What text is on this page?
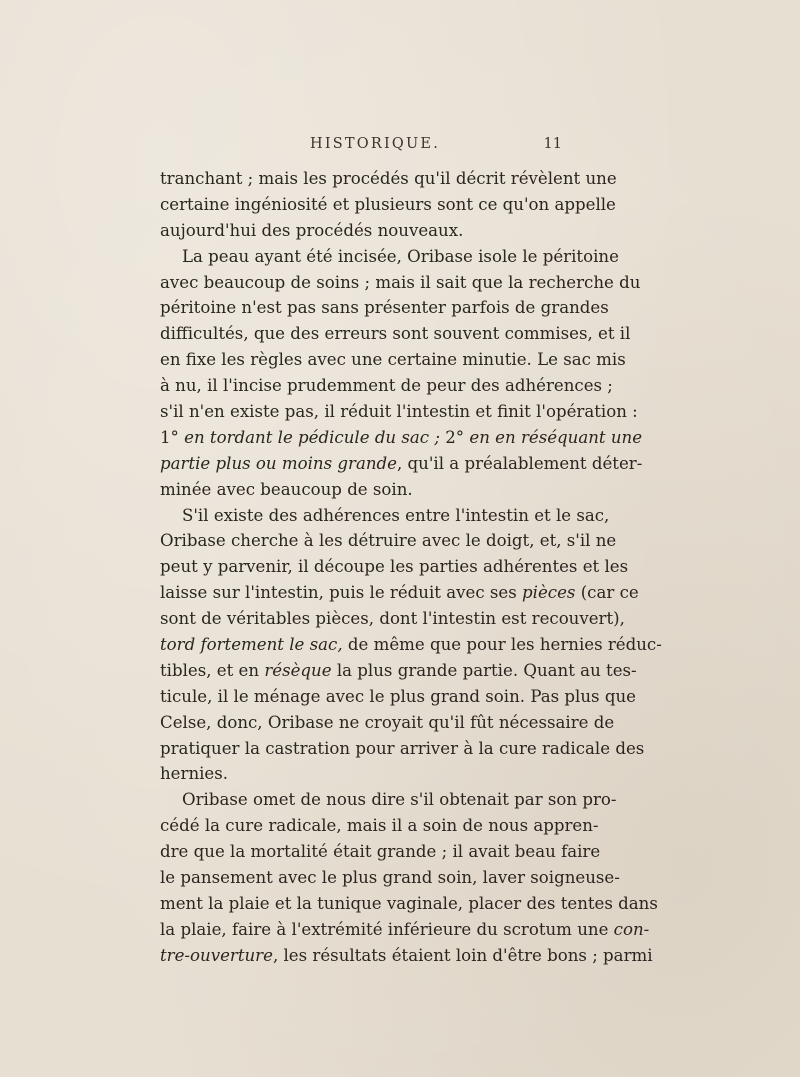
HISTORIQUE.	11
tranchant ; mais les procédés qu'il décrit révèlent une
certaine ingéniosité et plusieurs sont ce qu'on appelle
aujourd'hui des procédés nouveaux.
La peau ayant été incisée, Oribase isole le péritoine
avec beaucoup de soins ; mais il sait que la recherche du
péritoine n'est pas sans présenter parfois de grandes
difficultés, que des erreurs sont souvent commises, et il
en fixe les règles avec une certaine minutie. Le sac mis
à nu, il l'incise prudemment de peur des adhérences ;
s'il n'en existe pas, il réduit l'intestin et finit l'opération :
1° en tordant le pédicule du sac ; 2° en en réséquant une
partie plus ou moins grande, qu'il a préalablement déter-
minée avec beaucoup de soin.
S'il existe des adhérences entre l'intestin et le sac,
Oribase cherche à les détruire avec le doigt, et, s'il ne
peut y parvenir, il découpe les parties adhérentes et les
laisse sur l'intestin, puis le réduit avec ses pièces (car ce
sont de véritables pièces, dont l'intestin est recouvert),
tord fortement le sac, de même que pour les hernies réduc-
tibles, et en résèque la plus grande partie. Quant au tes-
ticule, il le ménage avec le plus grand soin. Pas plus que
Celse, donc, Oribase ne croyait qu'il fût nécessaire de
pratiquer la castration pour arriver à la cure radicale des
hernies.
Oribase omet de nous dire s'il obtenait par son pro-
cédé la cure radicale, mais il a soin de nous appren-
dre que la mortalité était grande ; il avait beau faire
le pansement avec le plus grand soin, laver soigneuse-
ment la plaie et la tunique vaginale, placer des tentes dans
la plaie, faire à l'extrémité inférieure du scrotum une con-
tre-ouverture, les résultats étaient loin d'être bons ; parmi
